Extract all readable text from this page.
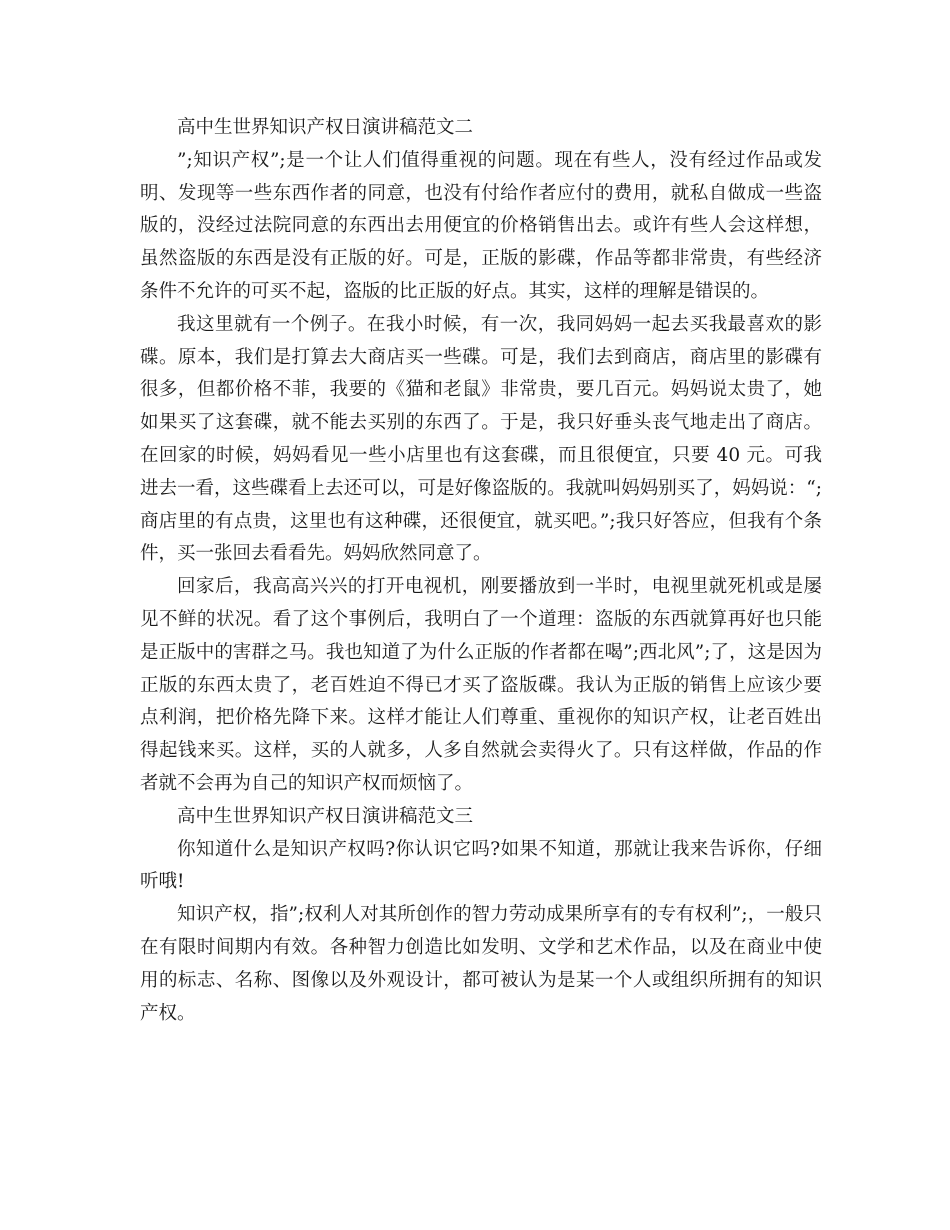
高中生世界知识产权日演讲稿范文二

”;知识产权”;是一个让人们值得重视的问题。现在有些人，没有经过作品或发明、发现等一些东西作者的同意，也没有付给作者应付的费用，就私自做成一些盗版的，没经过法院同意的东西出去用便宜的价格销售出去。或许有些人会这样想，虽然盗版的东西是没有正版的好。可是，正版的影碟，作品等都非常贵，有些经济条件不允许的可买不起，盗版的比正版的好点。其实，这样的理解是错误的。

我这里就有一个例子。在我小时候，有一次，我同妈妈一起去买我最喜欢的影碟。原本，我们是打算去大商店买一些碟。可是，我们去到商店，商店里的影碟有很多，但都价格不菲，我要的《猫和老鼠》非常贵，要几百元。妈妈说太贵了，她如果买了这套碟，就不能去买别的东西了。于是，我只好垂头丧气地走出了商店。在回家的时候，妈妈看见一些小店里也有这套碟，而且很便宜，只要 40 元。可我进去一看，这些碟看上去还可以，可是好像盗版的。我就叫妈妈别买了，妈妈说：“;商店里的有点贵，这里也有这种碟，还很便宜，就买吧。”;我只好答应，但我有个条件，买一张回去看看先。妈妈欣然同意了。

回家后，我高高兴兴的打开电视机，刚要播放到一半时，电视里就死机或是屡见不鲜的状况。看了这个事例后，我明白了一个道理：盗版的东西就算再好也只能是正版中的害群之马。我也知道了为什么正版的作者都在喝”;西北风”;了，这是因为正版的东西太贵了，老百姓迫不得已才买了盗版碟。我认为正版的销售上应该少要点利润，把价格先降下来。这样才能让人们尊重、重视你的知识产权，让老百姓出得起钱来买。这样，买的人就多，人多自然就会卖得火了。只有这样做，作品的作者就不会再为自己的知识产权而烦恼了。

高中生世界知识产权日演讲稿范文三

你知道什么是知识产权吗?你认识它吗?如果不知道，那就让我来告诉你，仔细听哦!

知识产权，指”;权利人对其所创作的智力劳动成果所享有的专有权利”;，一般只在有限时间期内有效。各种智力创造比如发明、文学和艺术作品，以及在商业中使用的标志、名称、图像以及外观设计，都可被认为是某一个人或组织所拥有的知识产权。
